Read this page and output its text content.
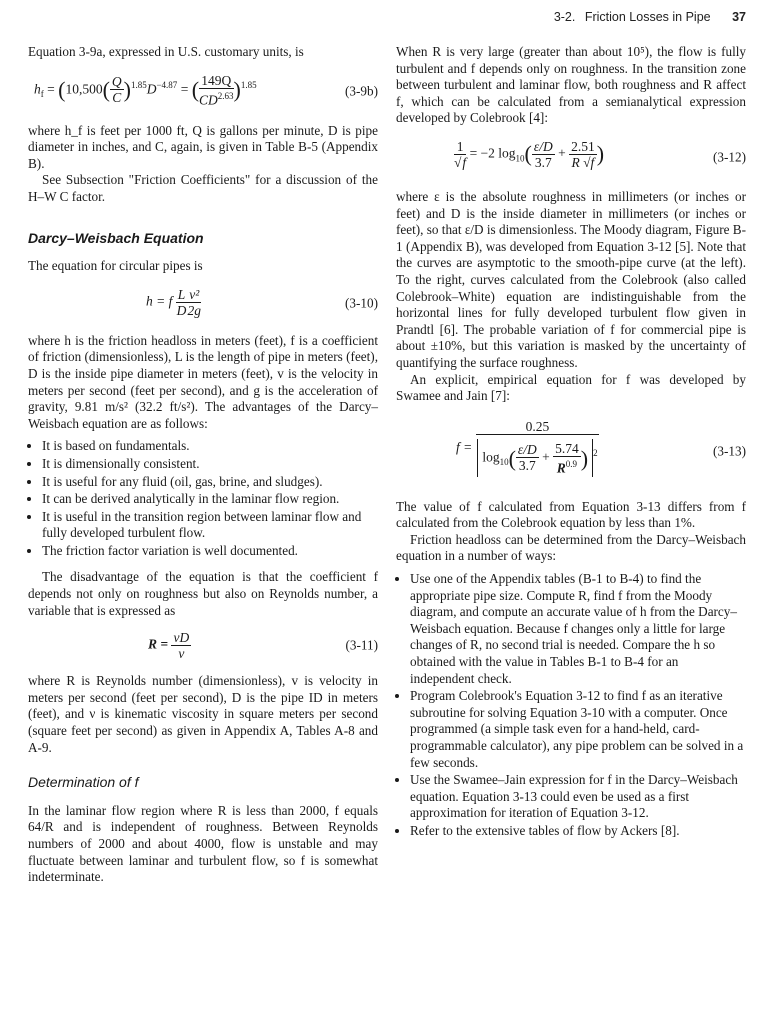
3-2. Friction Losses in Pipe 37

Equation 3-9a, expressed in U.S. customary units, is

$h_f = (10,500( \frac{Q}{C} )^{1.85}D^{-4.87}$ = ( $\frac{149Q}{CD^{2.63}} )^{1.85}$	(3-9b)

where h_f is feet per 1000 ft, Q is gallons per minute, D is pipe diameter in inches, and C, again, is given in Table B-5 (Appendix B).

See Subsection "Friction Coefficients" for a discussion of the H–W C factor.

Darcy–Weisbach Equation

The equation for circular pipes is

h = f $\frac{L}{D} \frac{\text{v²}}{2g}$	(3-10)

where h is the friction headloss in meters (feet), f is a coefficient of friction (dimensionless), L is the length of pipe in meters (feet), D is the inside pipe diameter in meters (feet), v is the velocity in meters per second (feet per second), and g is the acceleration of gravity, 9.81 m/s² (32.2 ft/s²). The advantages of the Darcy–Weisbach equation are as follows:

• It is based on fundamentals.
• It is dimensionally consistent.
• It is useful for any fluid (oil, gas, brine, and sludges).
• It can be derived analytically in the laminar flow region.
• It is useful in the transition region between laminar flow and fully developed turbulent flow.
• The friction factor variation is well documented.

The disadvantage of the equation is that the coefficient f depends not only on roughness but also on Reynolds number, a variable that is expressed as

$R = \frac{vD}{\nu}$	(3-11)

where R is Reynolds number (dimensionless), v is velocity in meters per second (feet per second), D is the pipe ID in meters (feet), and ν is kinematic viscosity in square meters per second (square feet per second) as given in Appendix A, Tables A-8 and A-9.

Determination of f

In the laminar flow region where R is less than 2000, f equals 64/R and is independent of roughness. Between Reynolds numbers of 2000 and about 4000, flow is unstable and may fluctuate between laminar and turbulent flow, so f is somewhat indeterminate.

When R is very large (greater than about 10⁵), the flow is fully turbulent and f depends only on roughness. In the transition zone between turbulent and laminar flow, both roughness and R affect f, which can be calculated from a semianalytical expression developed by Colebrook [4]:

$\frac{1}{√f} = -2$ $\log_{10}( \frac{\varepsilon/D}{3.7} + \frac{2.51}{R √f}$ )	(3-12)

where ε is the absolute roughness in millimeters (or inches or feet) and D is the inside diameter in millimeters (or inches or feet), so that ε/D is dimensionless. The Moody diagram, Figure B-1 (Appendix B), was developed from Equation 3-12 [5]. Note that the curves are asymptotic to the smooth-pipe curve (at the left). To the right, curves calculated from the Colebrook (also called Colebrook–White) equation are indistinguishable from the horizontal lines for fully developed turbulent flow given in Prandtl [6]. The probable variation of f for commercial pipe is about ±10%, but this variation is masked by the uncertainty of quantifying the surface roughness.

An explicit, empirical equation for f was developed by Swamee and Jain [7]:

$f = \frac{0.25}{\log_{10}( \frac{\varepsilon/D}{3.7} + \frac{5.74}{R^{0.9}} ) ^2}$	(3-13)

The value of f calculated from Equation 3-13 differs from f calculated from the Colebrook equation by less than 1%.

Friction headloss can be determined from the Darcy–Weisbach equation in a number of ways:

• Use one of the Appendix tables (B-1 to B-4) to find the appropriate pipe size. Compute R, find f from the Moody diagram, and compute an accurate value of h from the Darcy–Weisbach equation. Because f changes only a little for large changes of R, no second trial is needed. Compare the h so obtained with the value in Tables B-1 to B-4 for an independent check.
• Program Colebrook's Equation 3-12 to find f as an iterative subroutine for solving Equation 3-10 with a computer. Once programmed (a simple task even for a hand-held, card-programmable calculator), any pipe problem can be solved in a few seconds.
• Use the Swamee–Jain expression for f in the Darcy–Weisbach equation. Equation 3-13 could even be used as a first approximation for iteration of Equation 3-12.
• Refer to the extensive tables of flow by Ackers [8].
